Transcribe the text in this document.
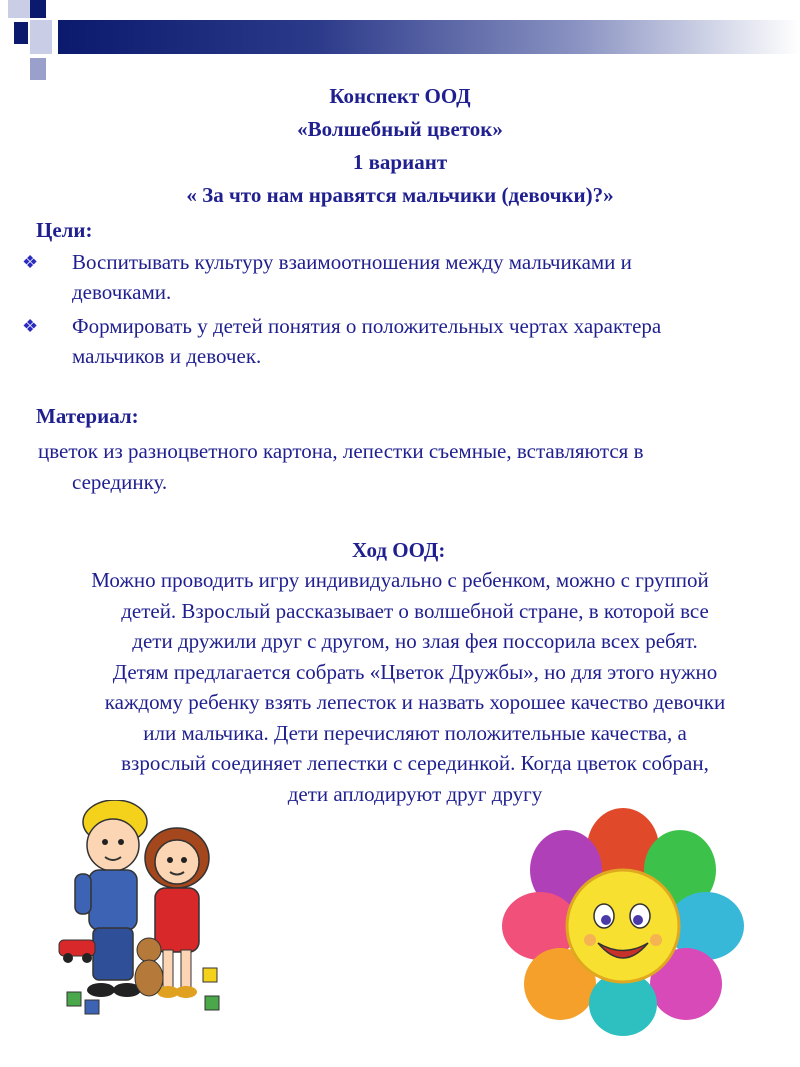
Конспект ООД
«Волшебный цветок»
1 вариант
« За что нам нравятся мальчики (девочки)?»
Цели:
❖ Воспитывать культуру взаимоотношения между мальчиками и
девочками.
❖ Формировать у детей понятия о положительных чертах характера
мальчиков и девочек.
Материал:
цветок из разноцветного картона, лепестки съемные, вставляются в
серединку.
Ход ООД:
Можно проводить игру индивидуально с ребенком, можно с группой
детей. Взрослый рассказывает о волшебной стране, в которой все
дети дружили друг с другом, но злая фея поссорила всех ребят.
Детям предлагается собрать «Цветок Дружбы», но для этого нужно
каждому ребенку взять лепесток и назвать хорошее качество девочки
или мальчика. Дети перечисляют положительные качества, а
взрослый соединяет лепестки с серединкой. Когда цветок собран,
дети аплодируют друг другу
